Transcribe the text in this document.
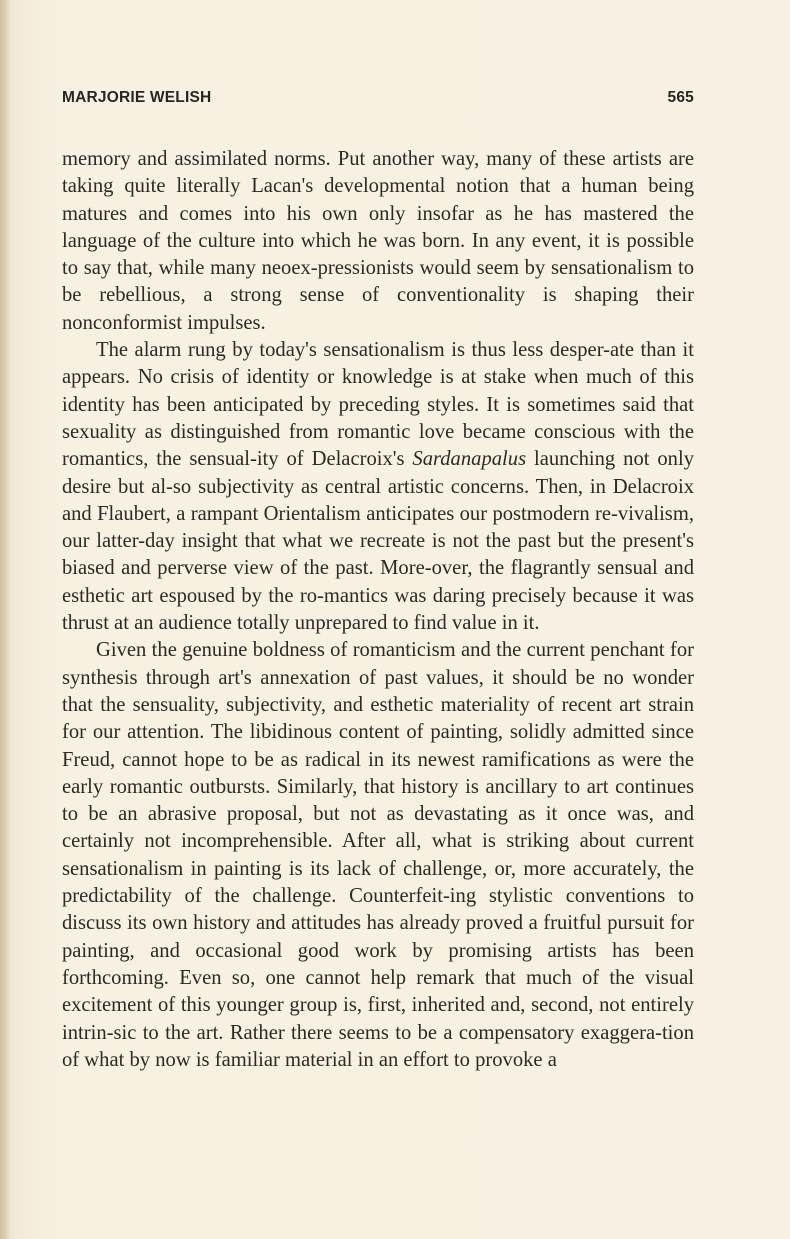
MARJORIE WELISH	565

memory and assimilated norms. Put another way, many of these artists are taking quite literally Lacan's developmental notion that a human being matures and comes into his own only insofar as he has mastered the language of the culture into which he was born. In any event, it is possible to say that, while many neoex-pressionists would seem by sensationalism to be rebellious, a strong sense of conventionality is shaping their nonconformist impulses.

The alarm rung by today's sensationalism is thus less desper-ate than it appears. No crisis of identity or knowledge is at stake when much of this identity has been anticipated by preceding styles. It is sometimes said that sexuality as distinguished from romantic love became conscious with the romantics, the sensual-ity of Delacroix's Sardanapalus launching not only desire but al-so subjectivity as central artistic concerns. Then, in Delacroix and Flaubert, a rampant Orientalism anticipates our postmodern re-vivalism, our latter-day insight that what we recreate is not the past but the present's biased and perverse view of the past. More-over, the flagrantly sensual and esthetic art espoused by the ro-mantics was daring precisely because it was thrust at an audience totally unprepared to find value in it.

Given the genuine boldness of romanticism and the current penchant for synthesis through art's annexation of past values, it should be no wonder that the sensuality, subjectivity, and esthetic materiality of recent art strain for our attention. The libidinous content of painting, solidly admitted since Freud, cannot hope to be as radical in its newest ramifications as were the early romantic outbursts. Similarly, that history is ancillary to art continues to be an abrasive proposal, but not as devastating as it once was, and certainly not incomprehensible. After all, what is striking about current sensationalism in painting is its lack of challenge, or, more accurately, the predictability of the challenge. Counterfeit-ing stylistic conventions to discuss its own history and attitudes has already proved a fruitful pursuit for painting, and occasional good work by promising artists has been forthcoming. Even so, one cannot help remark that much of the visual excitement of this younger group is, first, inherited and, second, not entirely intrin-sic to the art. Rather there seems to be a compensatory exaggera-tion of what by now is familiar material in an effort to provoke a
